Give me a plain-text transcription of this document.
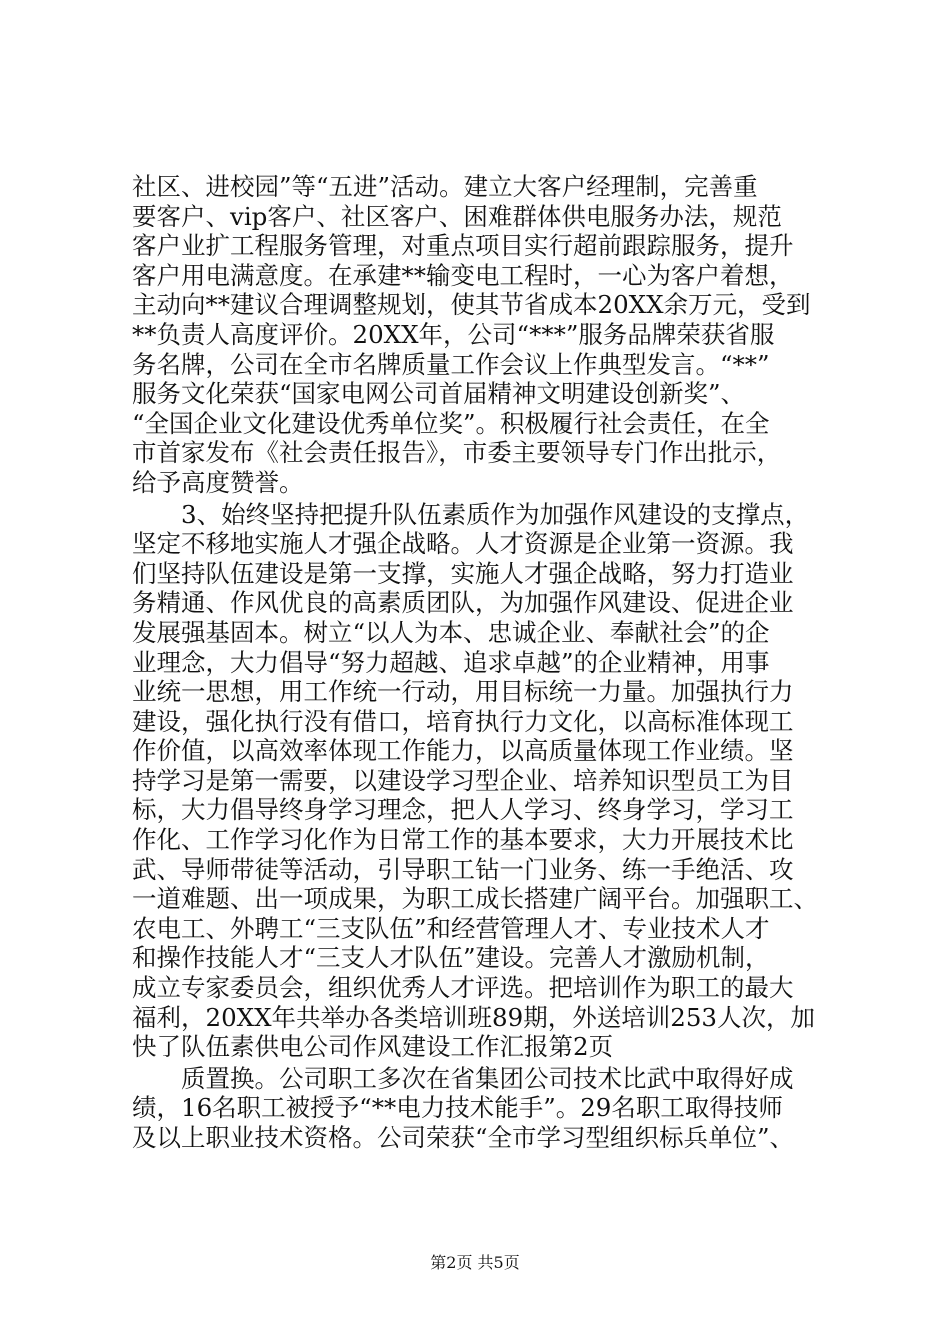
社区、进校园”等“五进”活动。建立大客户经理制，完善重
要客户、vip客户、社区客户、困难群体供电服务办法，规范
客户业扩工程服务管理，对重点项目实行超前跟踪服务，提升
客户用电满意度。在承建**输变电工程时，一心为客户着想，
主动向**建议合理调整规划，使其节省成本20XX余万元，受到
**负责人高度评价。20XX年，公司“***”服务品牌荣获省服
务名牌，公司在全市名牌质量工作会议上作典型发言。“**”
服务文化荣获“国家电网公司首届精神文明建设创新奖”、
“全国企业文化建设优秀单位奖”。积极履行社会责任，在全
市首家发布《社会责任报告》，市委主要领导专门作出批示，
给予高度赞誉。
3、始终坚持把提升队伍素质作为加强作风建设的支撑点，
坚定不移地实施人才强企战略。人才资源是企业第一资源。我
们坚持队伍建设是第一支撑，实施人才强企战略，努力打造业
务精通、作风优良的高素质团队，为加强作风建设、促进企业
发展强基固本。树立“以人为本、忠诚企业、奉献社会”的企
业理念，大力倡导“努力超越、追求卓越”的企业精神，用事
业统一思想，用工作统一行动，用目标统一力量。加强执行力
建设，强化执行没有借口，培育执行力文化，以高标准体现工
作价值，以高效率体现工作能力，以高质量体现工作业绩。坚
持学习是第一需要，以建设学习型企业、培养知识型员工为目
标，大力倡导终身学习理念，把人人学习、终身学习，学习工
作化、工作学习化作为日常工作的基本要求，大力开展技术比
武、导师带徒等活动，引导职工钻一门业务、练一手绝活、攻
一道难题、出一项成果，为职工成长搭建广阔平台。加强职工、
农电工、外聘工“三支队伍”和经营管理人才、专业技术人才
和操作技能人才“三支人才队伍”建设。完善人才激励机制，
成立专家委员会，组织优秀人才评选。把培训作为职工的最大
福利，20XX年共举办各类培训班89期，外送培训253人次，加
快了队伍素供电公司作风建设工作汇报第2页
质置换。公司职工多次在省集团公司技术比武中取得好成
绩，16名职工被授予“**电力技术能手”。29名职工取得技师
及以上职业技术资格。公司荣获“全市学习型组织标兵单位”、
第2页 共5页
